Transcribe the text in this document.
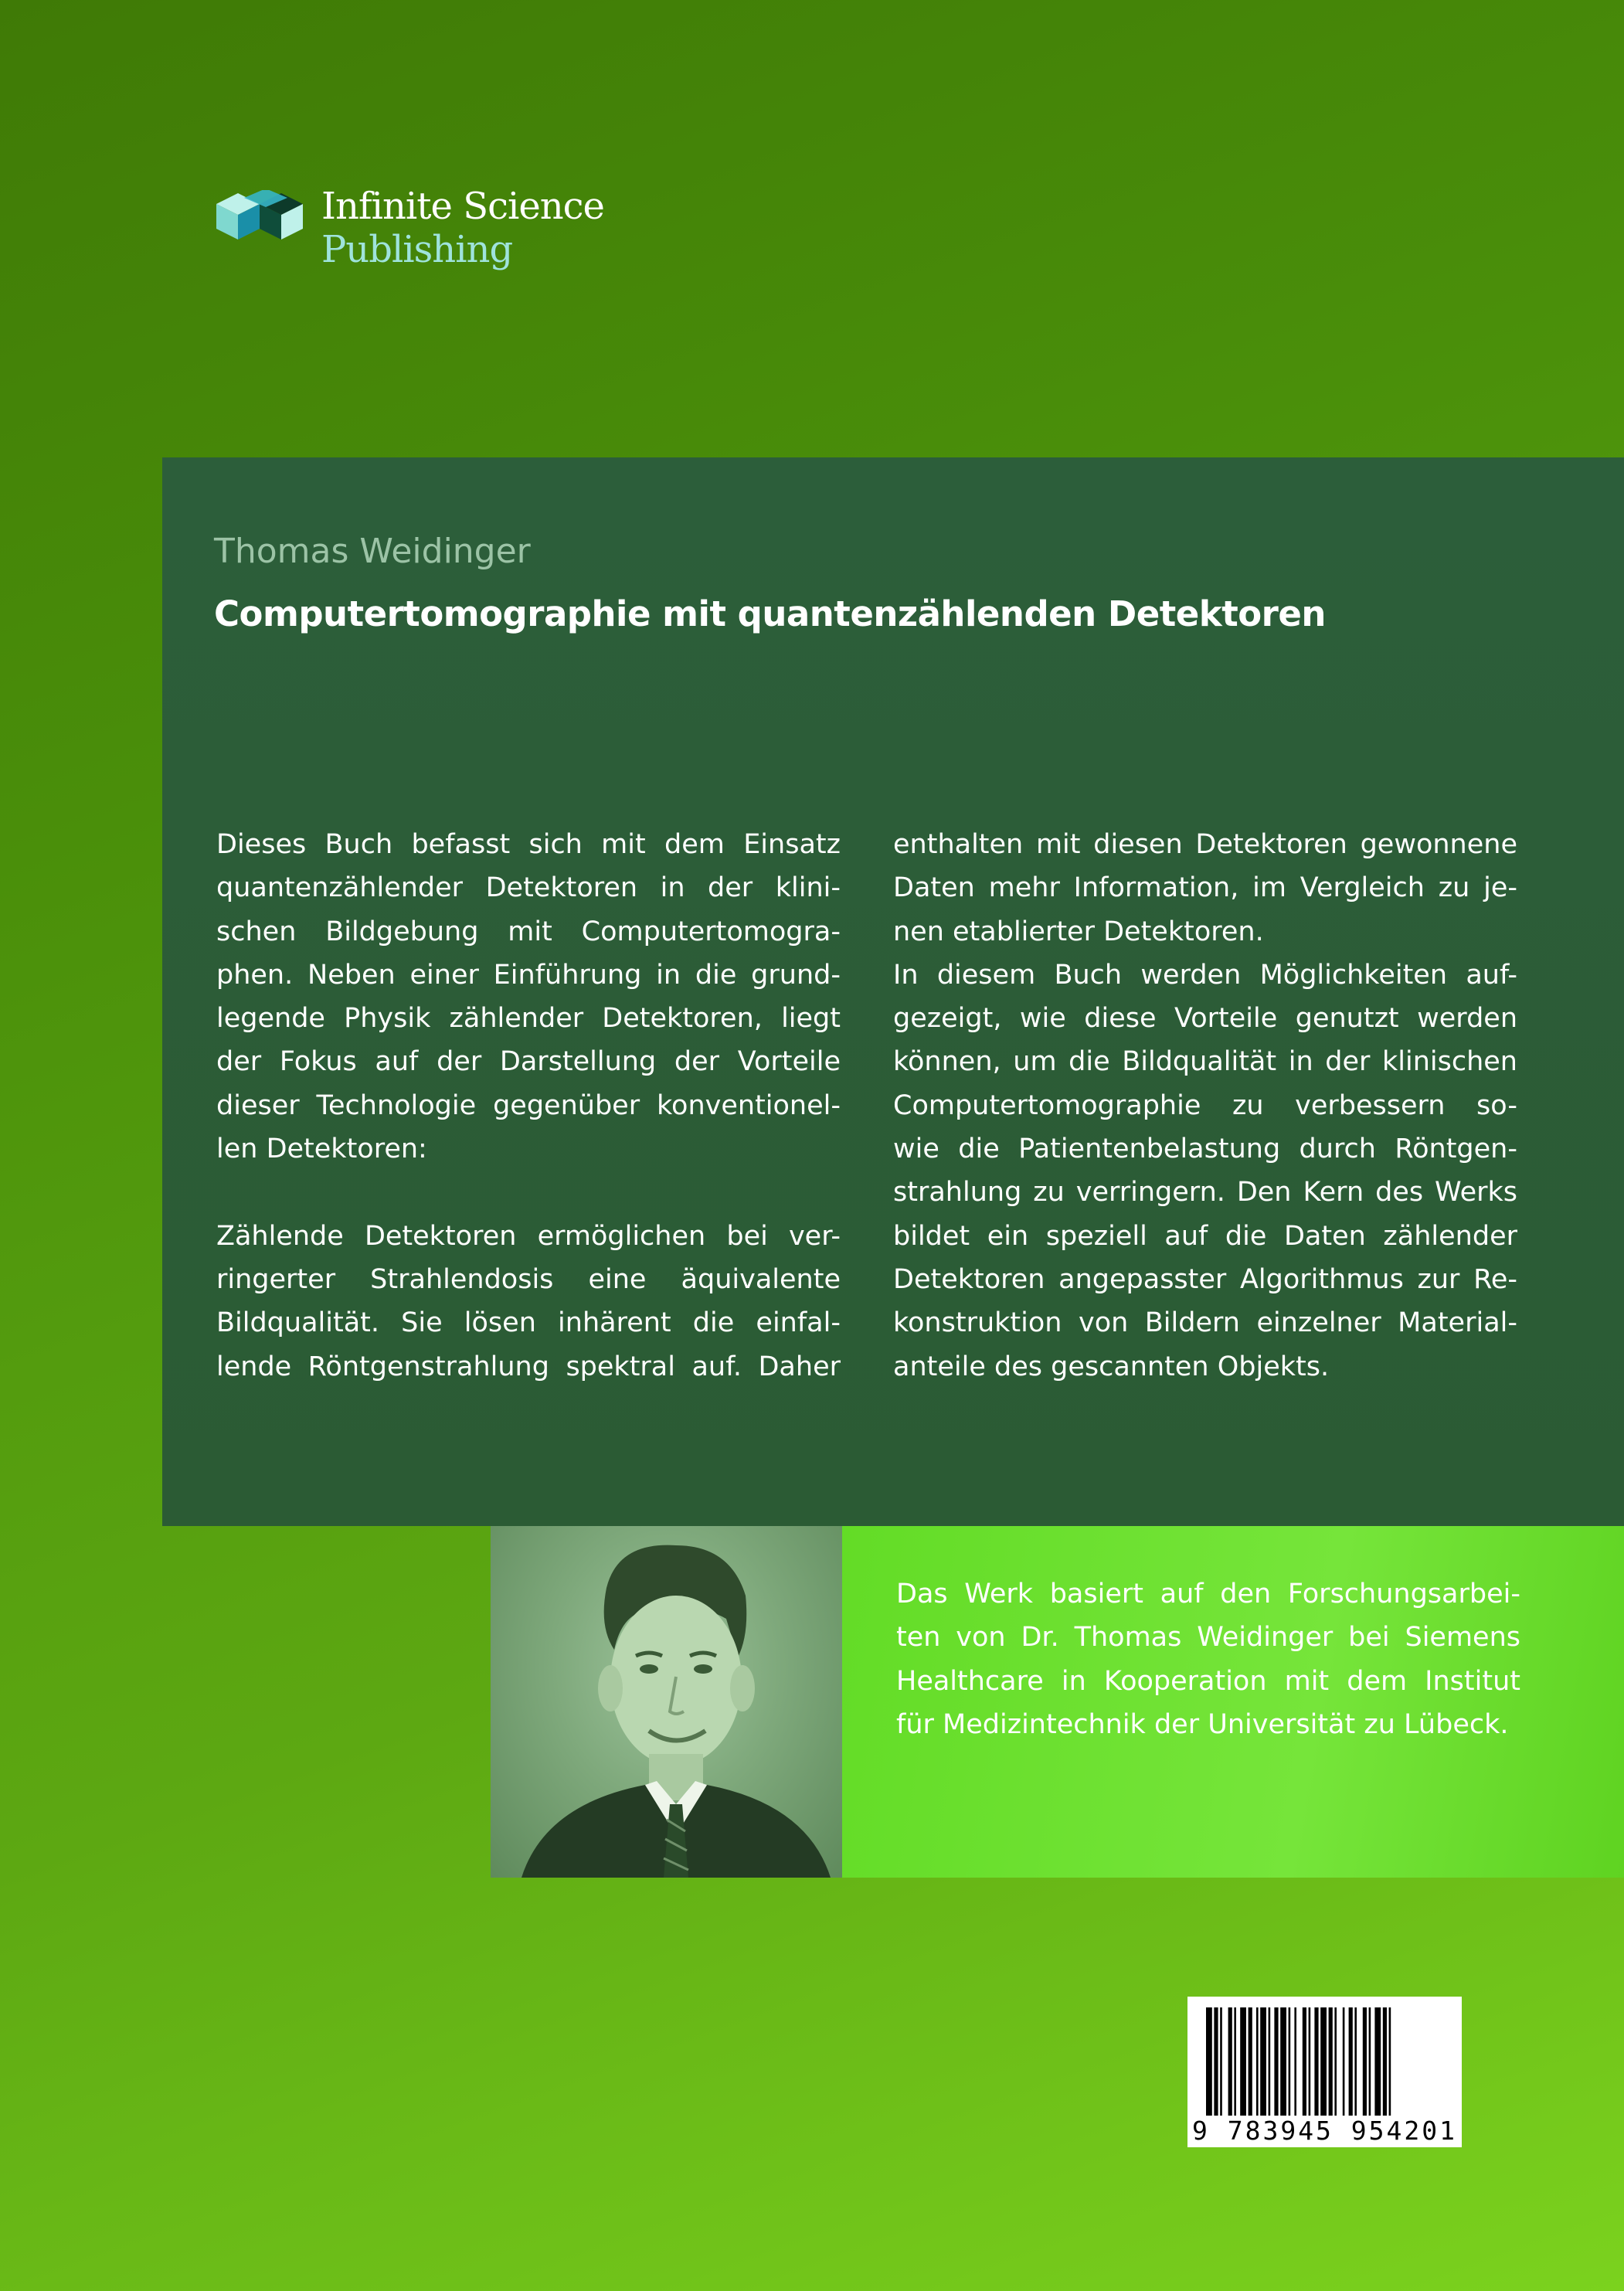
Infinite Science
Publishing
Thomas Weidinger
Computertomographie mit quantenzählenden Detektoren
Dieses Buch befasst sich mit dem Einsatz
quantenzählender Detektoren in der klini-
schen Bildgebung mit Computertomogra-
phen. Neben einer Einführung in die grund-
legende Physik zählender Detektoren, liegt
der Fokus auf der Darstellung der Vorteile
dieser Technologie gegenüber konventionel-
len Detektoren:
Zählende Detektoren ermöglichen bei ver-
ringerter Strahlendosis eine äquivalente
Bildqualität. Sie lösen inhärent die einfal-
lende Röntgenstrahlung spektral auf. Daher
enthalten mit diesen Detektoren gewonnene
Daten mehr Information, im Vergleich zu je-
nen etablierter Detektoren.
In diesem Buch werden Möglichkeiten auf-
gezeigt, wie diese Vorteile genutzt werden
können, um die Bildqualität in der klinischen
Computertomographie zu verbessern so-
wie die Patientenbelastung durch Röntgen-
strahlung zu verringern. Den Kern des Werks
bildet ein speziell auf die Daten zählender
Detektoren angepasster Algorithmus zur Re-
konstruktion von Bildern einzelner Material-
anteile des gescannten Objekts.
Das Werk basiert auf den Forschungsarbei-
ten von Dr. Thomas Weidinger bei Siemens
Healthcare in Kooperation mit dem Institut
für Medizintechnik der Universität zu Lübeck.
9 783945 954201
